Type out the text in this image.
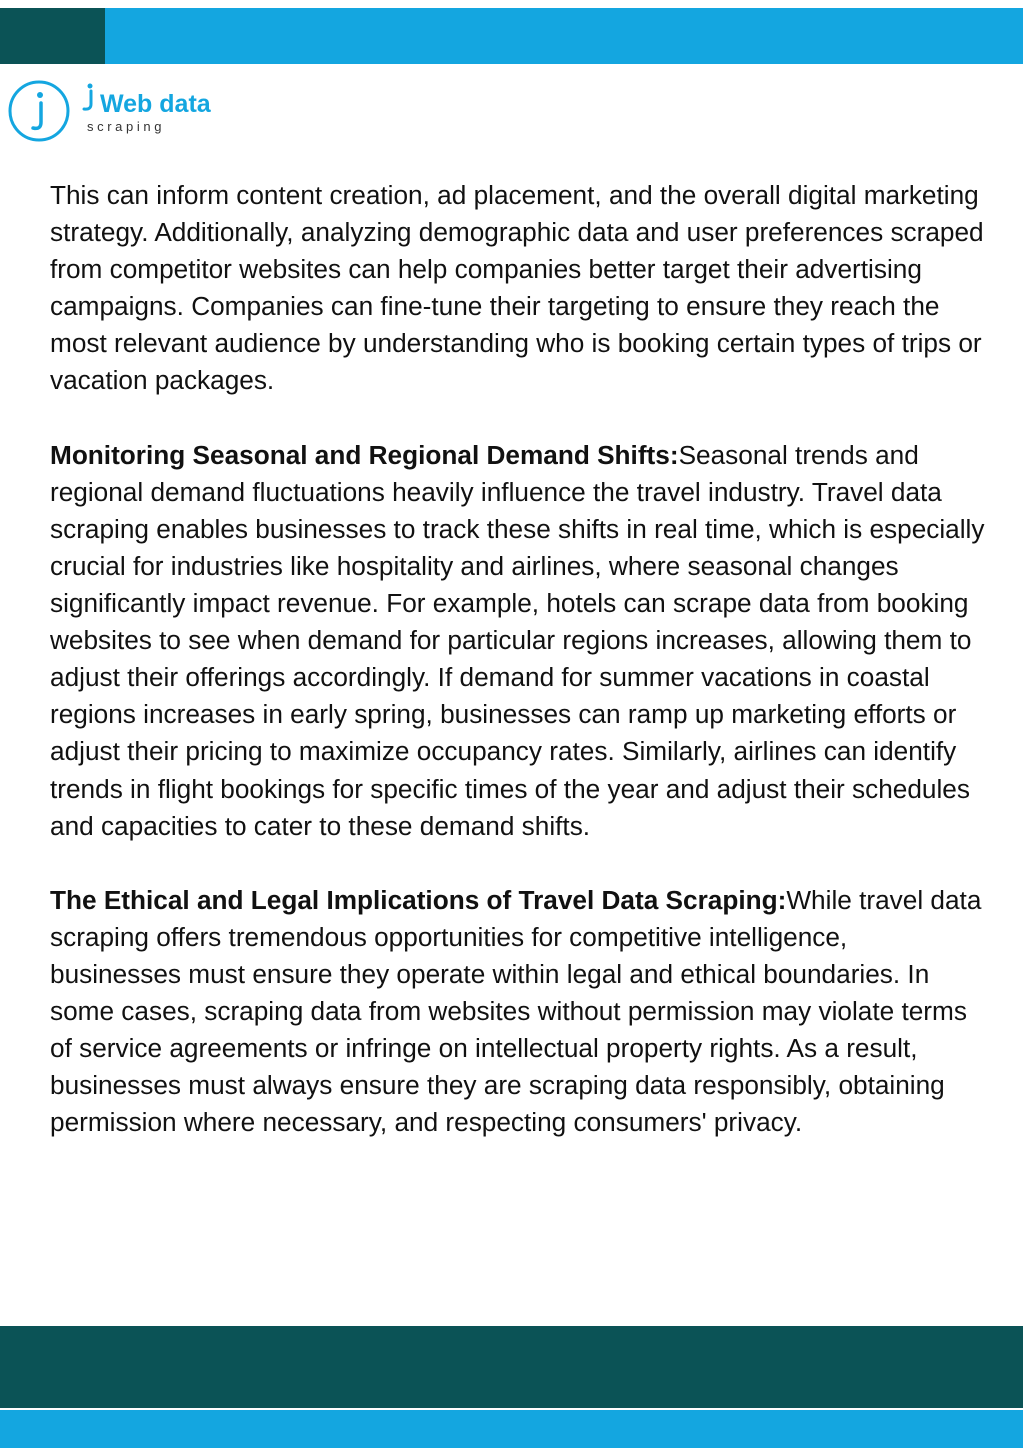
Web data
s c r a p i n g

This can inform content creation, ad placement, and the overall digital marketing strategy. Additionally, analyzing demographic data and user preferences scraped from competitor websites can help companies better target their advertising campaigns. Companies can fine-tune their targeting to ensure they reach the most relevant audience by understanding who is booking certain types of trips or vacation packages.

Monitoring Seasonal and Regional Demand Shifts:Seasonal trends and regional demand fluctuations heavily influence the travel industry. Travel data scraping enables businesses to track these shifts in real time, which is especially crucial for industries like hospitality and airlines, where seasonal changes significantly impact revenue. For example, hotels can scrape data from booking websites to see when demand for particular regions increases, allowing them to adjust their offerings accordingly. If demand for summer vacations in coastal regions increases in early spring, businesses can ramp up marketing efforts or adjust their pricing to maximize occupancy rates. Similarly, airlines can identify trends in flight bookings for specific times of the year and adjust their schedules and capacities to cater to these demand shifts.

The Ethical and Legal Implications of Travel Data Scraping:While travel data scraping offers tremendous opportunities for competitive intelligence, businesses must ensure they operate within legal and ethical boundaries. In some cases, scraping data from websites without permission may violate terms of service agreements or infringe on intellectual property rights. As a result, businesses must always ensure they are scraping data responsibly, obtaining permission where necessary, and respecting consumers' privacy.
